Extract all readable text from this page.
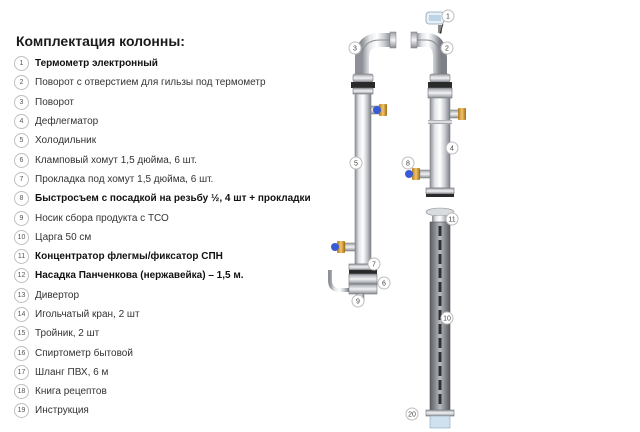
Комплектация колонны:
1	Термометр электронный
2	Поворот с отверстием для гильзы под термометр
3	Поворот
4	Дефлегматор
5	Холодильник
6	Кламповый хомут 1,5 дюйма, 6 шт.
7	Прокладка под хомут 1,5 дюйма, 6 шт.
8	Быстросъем с посадкой на резьбу ½, 4 шт + прокладки
9	Носик сбора продукта с ТСО
10 Царга 50 см
11 Концентратор флегмы/фиксатор СПН
12 Насадка Панченкова (нержавейка) – 1,5 м.
13 Дивертор
14 Игольчатый кран, 2 шт
15 Тройник, 2 шт
16 Спиртометр бытовой
17 Шланг ПВХ, 6 м
18 Книга рецептов
19 Инструкция
1
2
3
4
5
6
7
8
9
10
11
20
